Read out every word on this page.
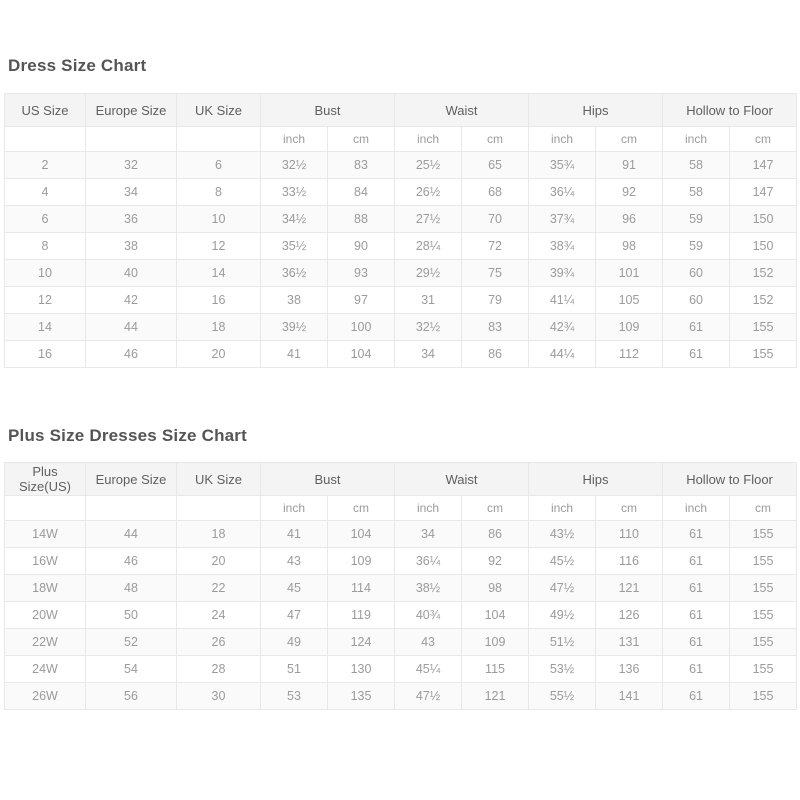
Dress Size Chart
US Size	Europe Size	UK Size	Bust		Waist		Hips		Hollow to Floor	
			inch	cm	inch	cm	inch	cm	inch	cm
2	32	6	32½	83	25½	65	35¾	91	58	147
4	34	8	33½	84	26½	68	36¼	92	58	147
6	36	10	34½	88	27½	70	37¾	96	59	150
8	38	12	35½	90	28¼	72	38¾	98	59	150
10	40	14	36½	93	29½	75	39¾	101	60	152
12	42	16	38	97	31	79	41¼	105	60	152
14	44	18	39½	100	32½	83	42¾	109	61	155
16	46	20	41	104	34	86	44¼	112	61	155
Plus Size Dresses Size Chart
Plus Size(US)	Europe Size	UK Size	Bust		Waist		Hips		Hollow to Floor	
			inch	cm	inch	cm	inch	cm	inch	cm
14W	44	18	41	104	34	86	43½	110	61	155
16W	46	20	43	109	36¼	92	45½	116	61	155
18W	48	22	45	114	38½	98	47½	121	61	155
20W	50	24	47	119	40¾	104	49½	126	61	155
22W	52	26	49	124	43	109	51½	131	61	155
24W	54	28	51	130	45¼	115	53½	136	61	155
26W	56	30	53	135	47½	121	55½	141	61	155
